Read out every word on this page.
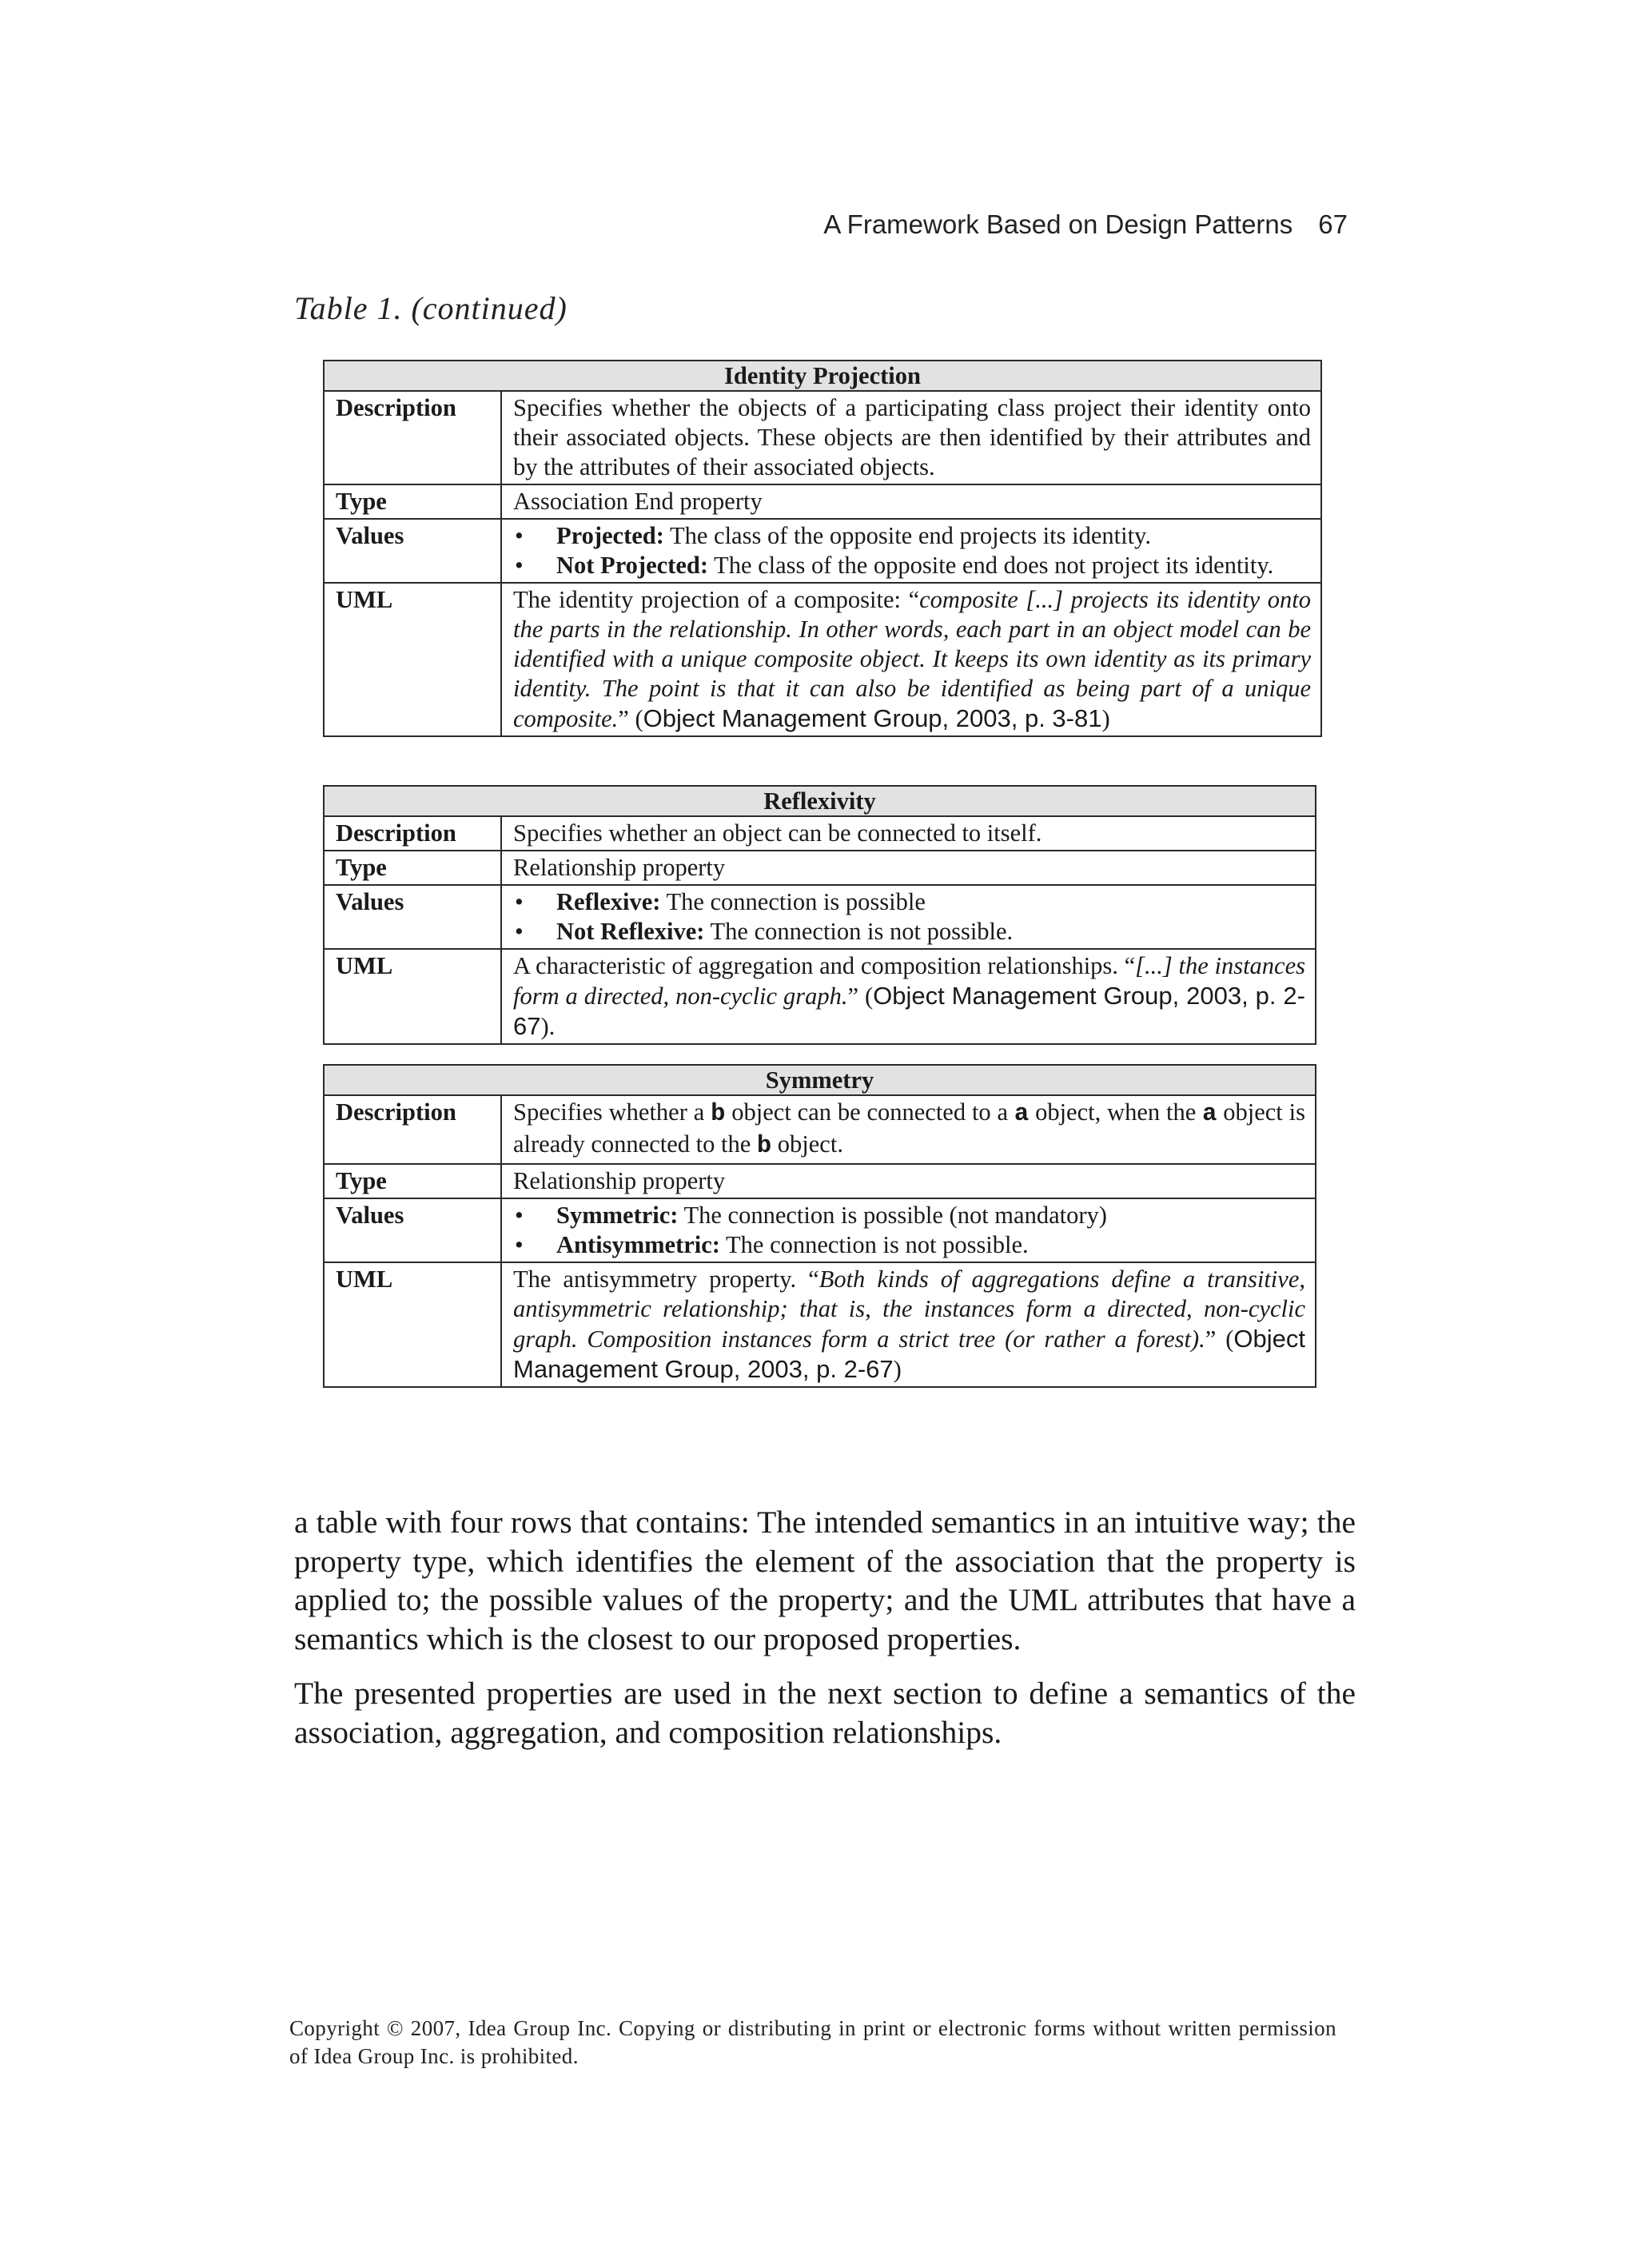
A Framework Based on Design Patterns 67
Table 1. (continued)
Identity Projection	
Description	Specifies whether the objects of a participating class project their identity onto their associated objects. These objects are then identified by their attributes and by the attributes of their associated objects.
Type	Association End property
Values	• Projected: The class of the opposite end projects its identity.
• Not Projected: The class of the opposite end does not project its identity.

UML	The identity projection of a composite: “composite [...] projects its identity onto the parts in the relationship. In other words, each part in an object model can be identified with a unique composite object. It keeps its own identity as its primary identity. The point is that it can also be identified as being part of a unique composite.” (Object Management Group, 2003, p. 3-81)
Reflexivity	
Description	Specifies whether an object can be connected to itself.
Type	Relationship property
Values	• Reflexive: The connection is possible
• Not Reflexive: The connection is not possible.

UML	A characteristic of aggregation and composition relationships. “[...] the instances form a directed, non-cyclic graph.” (Object Management Group, 2003, p. 2-67).
Symmetry	
Description	Specifies whether a b object can be connected to a a object, when the a object is already connected to the b object.
Type	Relationship property
Values	• Symmetric: The connection is possible (not mandatory)
• Antisymmetric: The connection is not possible.

UML	The antisymmetry property. “Both kinds of aggregations define a transitive, antisymmetric relationship; that is, the instances form a directed, non-cyclic graph. Composition instances form a strict tree (or rather a forest).” (Object Management Group, 2003, p. 2-67)

a table with four rows that contains: The intended semantics in an intuitive way; the property type, which identifies the element of the association that the property is applied to; the possible values of the property; and the UML attributes that have a semantics which is the closest to our proposed properties.

The presented properties are used in the next section to define a semantics of the association, aggregation, and composition relationships.

Copyright © 2007, Idea Group Inc. Copying or distributing in print or electronic forms without written permission of Idea Group Inc. is prohibited.
